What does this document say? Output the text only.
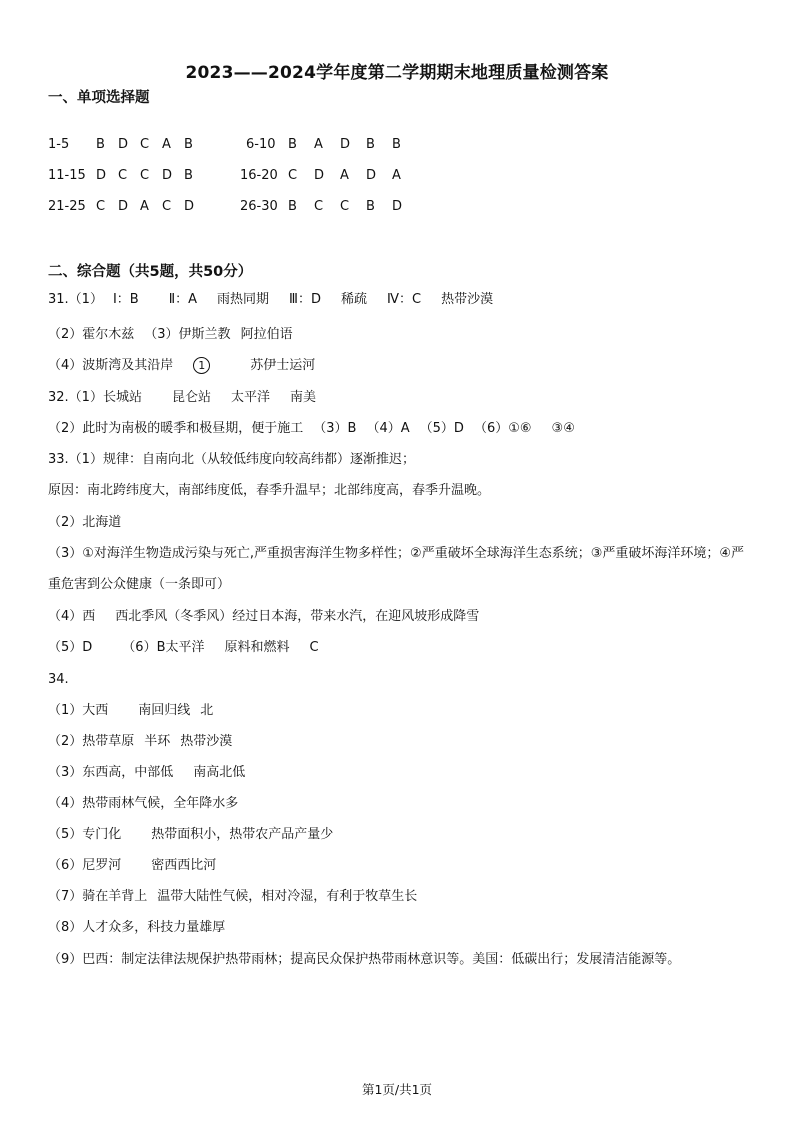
2023——2024学年度第二学期期末地理质量检测答案
一、单项选择题
1-5 B D C A B	6-10 B A D B B
11-15 D C C D B	16-20 C D A D A
21-25 C D A C D	26-30 B C C B D
二、综合题（共5题，共50分）
31.（1） Ⅰ：B Ⅱ：A 雨热同期 Ⅲ：D 稀疏 Ⅳ：C 热带沙漠
（2）霍尔木兹 （3）伊斯兰教 阿拉伯语
（4）波斯湾及其沿岸 1	苏伊士运河
32.（1）长城站 昆仑站 太平洋 南美
（2）此时为南极的暖季和极昼期，便于施工 （3）B （4）A （5）D （6）①⑥ ③④
33.（1）规律：自南向北（从较低纬度向较高纬都）逐渐推迟；
原因：南北跨纬度大，南部纬度低，春季升温早；北部纬度高，春季升温晚。
（2）北海道
（3）①对海洋生物造成污染与死亡,严重损害海洋生物多样性；②严重破坏全球海洋生态系统；③严重破坏海洋环境；④严重危害到公众健康（一条即可）
（4）西 西北季风（冬季风）经过日本海，带来水汽，在迎风坡形成降雪
（5）D （6）B太平洋 原料和燃料 C
34.
（1）大西 南回归线 北
（2）热带草原 半环 热带沙漠
（3）东西高，中部低 南高北低
（4）热带雨林气候，全年降水多
（5）专门化 热带面积小，热带农产品产量少
（6）尼罗河 密西西比河
（7）骑在羊背上 温带大陆性气候，相对冷湿，有利于牧草生长
（8）人才众多，科技力量雄厚
（9）巴西：制定法律法规保护热带雨林；提高民众保护热带雨林意识等。美国：低碳出行；发展清洁能源等。
第1页/共1页
